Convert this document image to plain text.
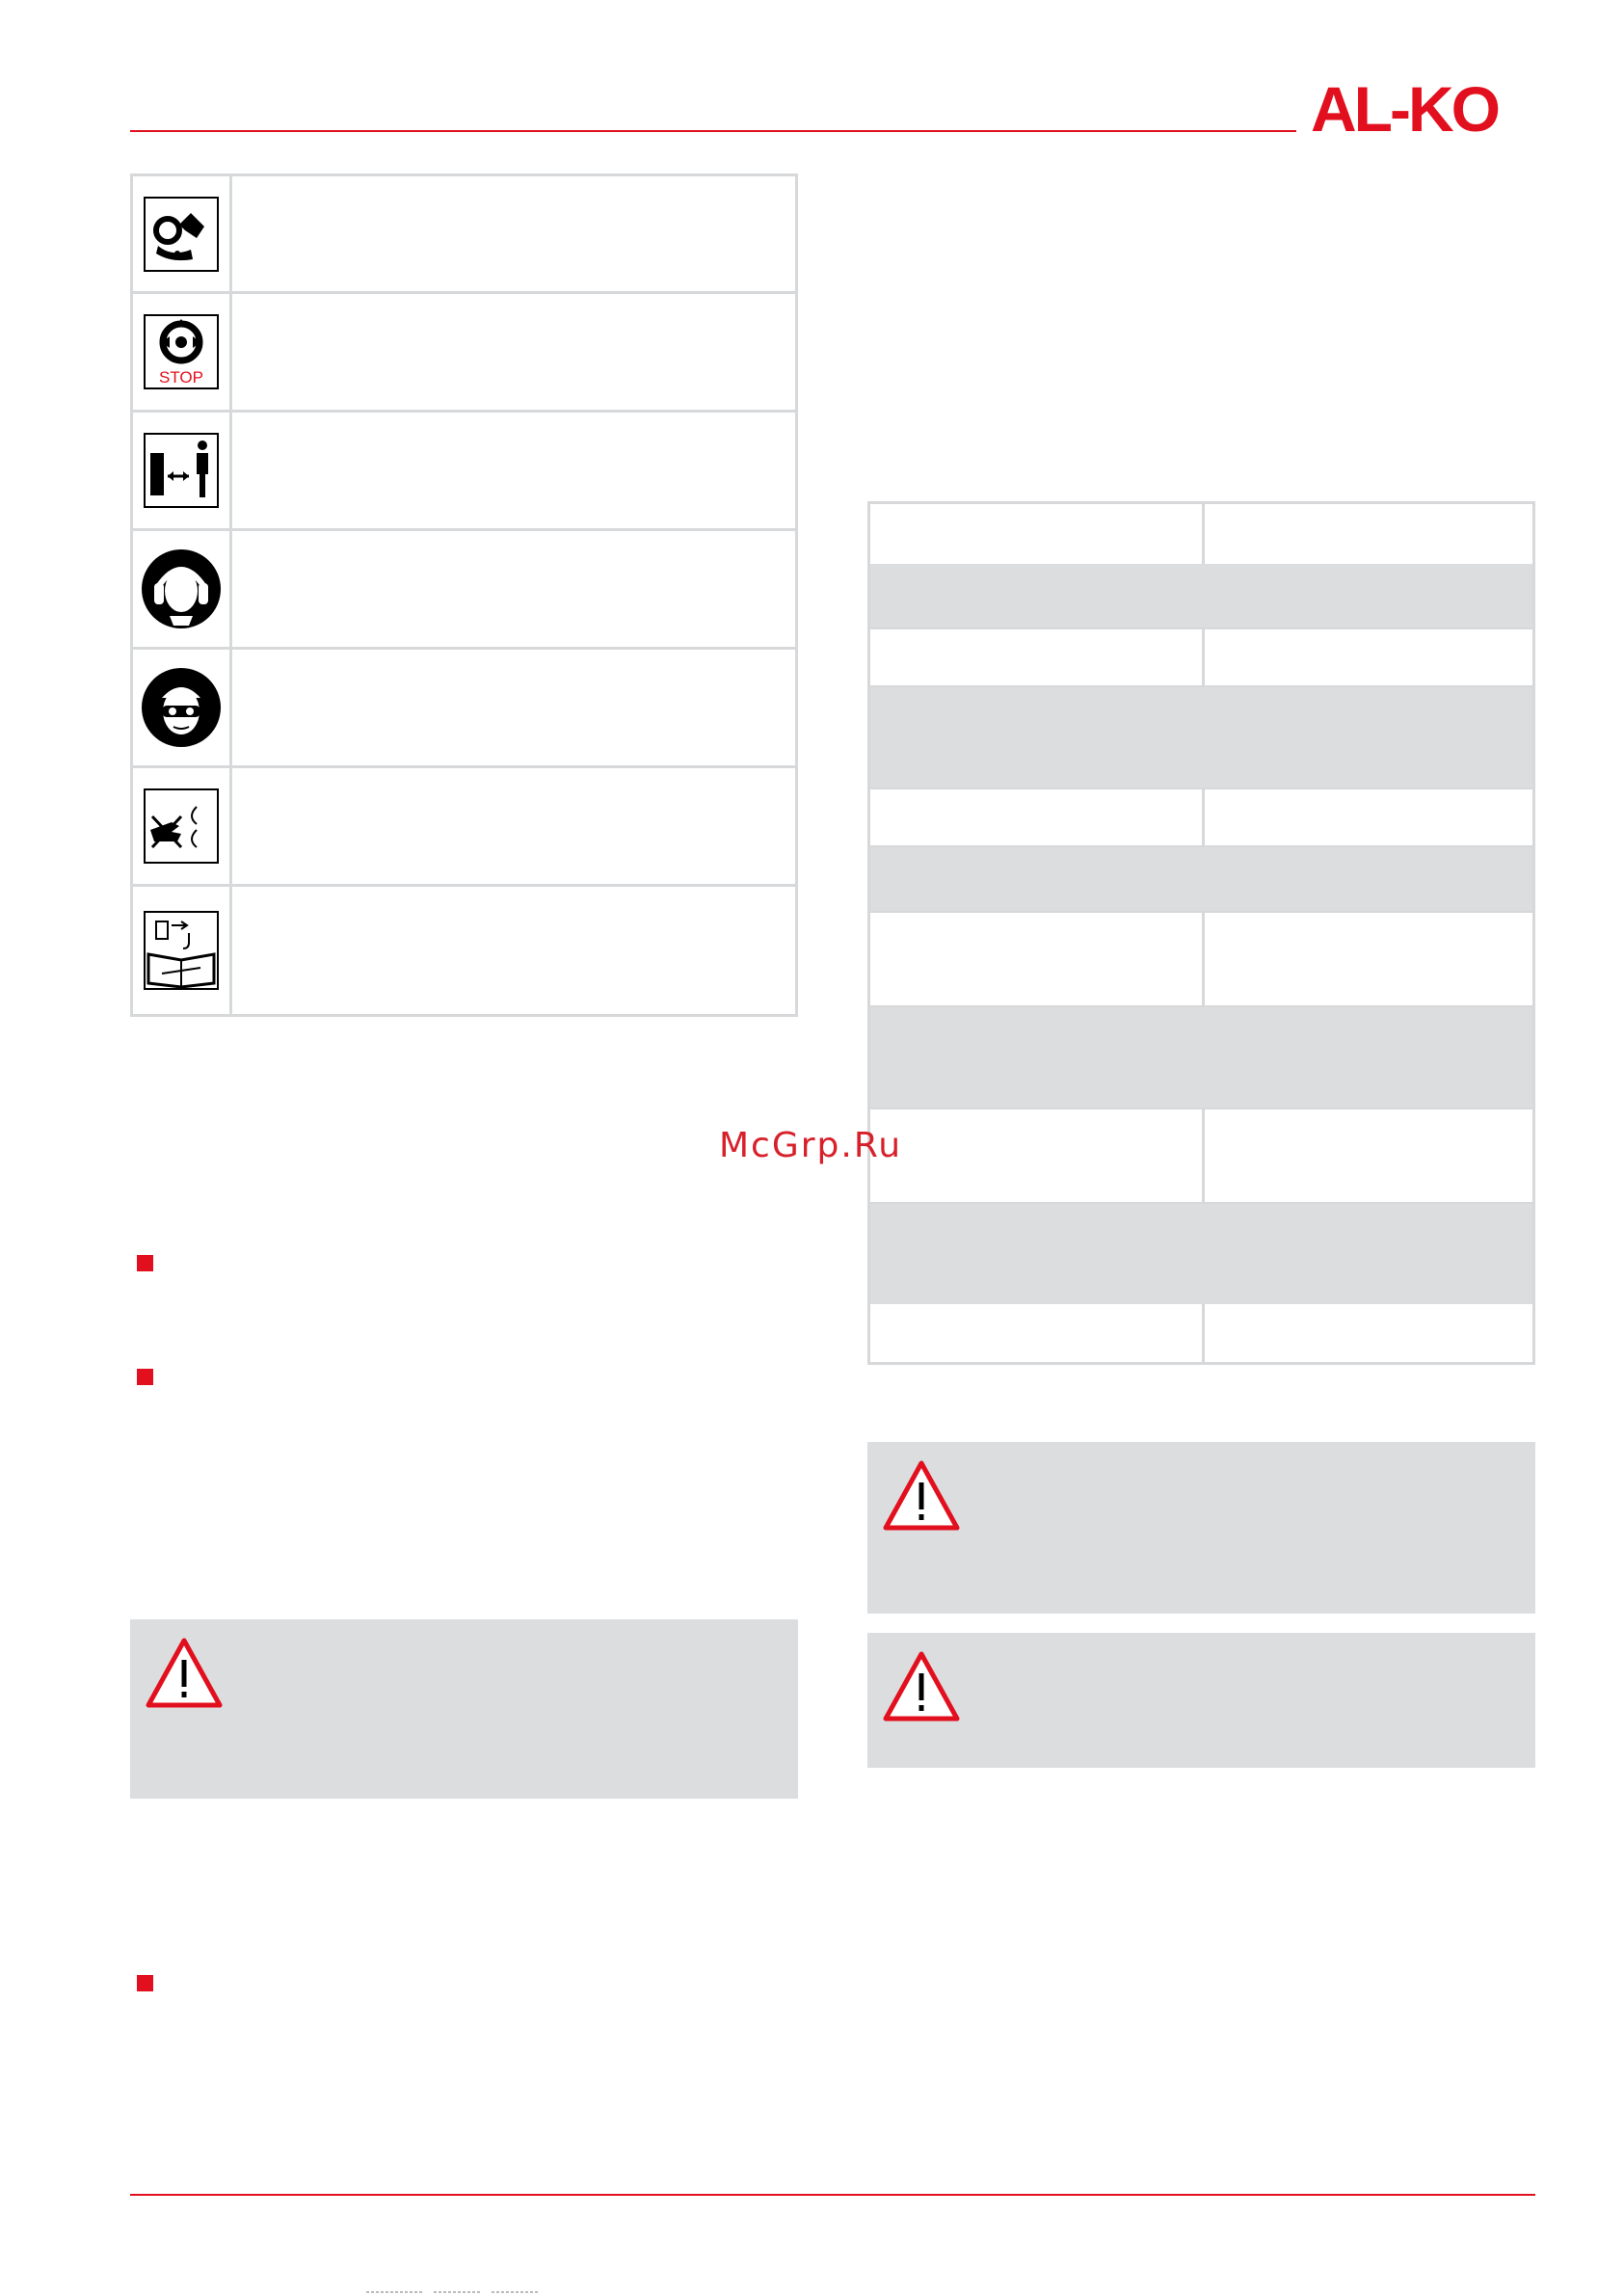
AL-KO
STOP
McGrp.Ru
